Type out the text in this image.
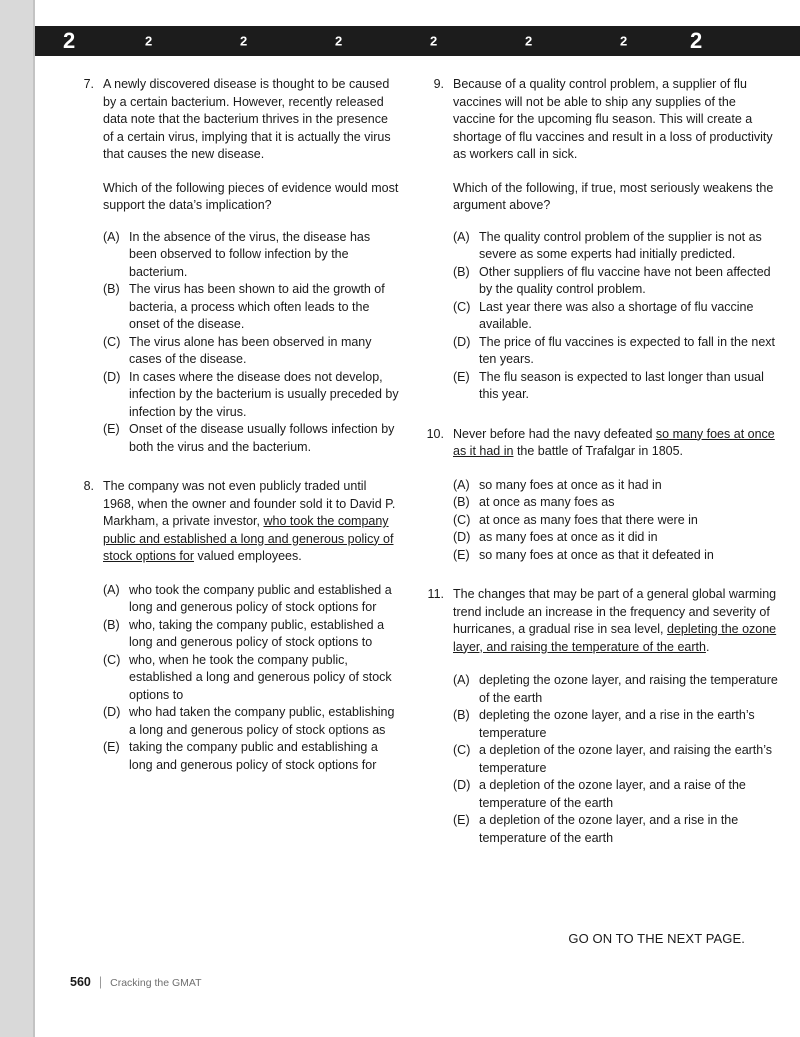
2	2	2	2	2	2	2	2
7. A newly discovered disease is thought to be caused by a certain bacterium. However, recently released data note that the bacterium thrives in the presence of a certain virus, implying that it is actually the virus that causes the new disease.

Which of the following pieces of evidence would most support the data’s implication?

(A) In the absence of the virus, the disease has been observed to follow infection by the bacterium.
(B) The virus has been shown to aid the growth of bacteria, a process which often leads to the onset of the disease.
(C) The virus alone has been observed in many cases of the disease.
(D) In cases where the disease does not develop, infection by the bacterium is usually preceded by infection by the virus.
(E) Onset of the disease usually follows infection by both the virus and the bacterium.
8. The company was not even publicly traded until 1968, when the owner and founder sold it to David P. Markham, a private investor, who took the company public and established a long and generous policy of stock options for valued employees.

(A) who took the company public and established a long and generous policy of stock options for
(B) who, taking the company public, established a long and generous policy of stock options to
(C) who, when he took the company public, established a long and generous policy of stock options to
(D) who had taken the company public, establishing a long and generous policy of stock options as
(E) taking the company public and establishing a long and generous policy of stock options for
9. Because of a quality control problem, a supplier of flu vaccines will not be able to ship any supplies of the vaccine for the upcoming flu season. This will create a shortage of flu vaccines and result in a loss of productivity as workers call in sick.

Which of the following, if true, most seriously weakens the argument above?

(A) The quality control problem of the supplier is not as severe as some experts had initially predicted.
(B) Other suppliers of flu vaccine have not been affected by the quality control problem.
(C) Last year there was also a shortage of flu vaccine available.
(D) The price of flu vaccines is expected to fall in the next ten years.
(E) The flu season is expected to last longer than usual this year.
10. Never before had the navy defeated so many foes at once as it had in the battle of Trafalgar in 1805.

(A) so many foes at once as it had in
(B) at once as many foes as
(C) at once as many foes that there were in
(D) as many foes at once as it did in
(E) so many foes at once as that it defeated in
11. The changes that may be part of a general global warming trend include an increase in the frequency and severity of hurricanes, a gradual rise in sea level, depleting the ozone layer, and raising the temperature of the earth.

(A) depleting the ozone layer, and raising the temperature of the earth
(B) depleting the ozone layer, and a rise in the earth’s temperature
(C) a depletion of the ozone layer, and raising the earth’s temperature
(D) a depletion of the ozone layer, and a raise of the temperature of the earth
(E) a depletion of the ozone layer, and a rise in the temperature of the earth
GO ON TO THE NEXT PAGE.
560 | Cracking the GMAT
